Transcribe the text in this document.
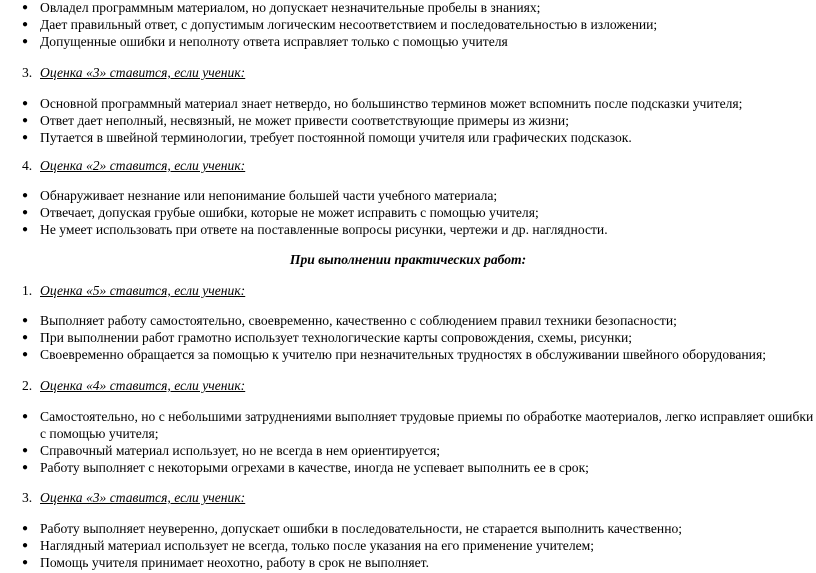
● Овладел программным материалом, но допускает незначительные пробелы в знаниях;
● Дает правильный ответ, с допустимым логическим несоответствием и последовательностью в изложении;
● Допущенные ошибки и неполноту ответа исправляет только с помощью учителя
3. Оценка «3» ставится, если ученик:
● Основной программный материал знает нетвердо, но большинство терминов может вспомнить после подсказки учителя;
● Ответ дает неполный, несвязный, не может привести соответствующие примеры из жизни;
● Путается в швейной терминологии, требует постоянной помощи учителя или графических подсказок.
4. Оценка «2» ставится, если ученик:
● Обнаруживает незнание или непонимание большей части учебного материала;
● Отвечает, допуская грубые ошибки, которые не может исправить с помощью учителя;
● Не умеет использовать при ответе на поставленные вопросы рисунки, чертежи и др. наглядности.
При выполнении практических работ:
1. Оценка «5» ставится, если ученик:
● Выполняет работу самостоятельно, своевременно, качественно с соблюдением правил техники безопасности;
● При выполнении работ грамотно использует технологические карты сопровождения, схемы, рисунки;
● Своевременно обращается за помощью к учителю при незначительных трудностях в обслуживании швейного оборудования;
2. Оценка «4» ставится, если ученик:
● Самостоятельно, но с небольшими затруднениями выполняет трудовые приемы по обработке маотериалов, легко исправляет ошибки
с помощью учителя;
● Справочный материал использует, но не всегда в нем ориентируется;
● Работу выполняет с некоторыми огрехами в качестве, иногда не успевает выполнить ее в срок;
3. Оценка «3» ставится, если ученик:
● Работу выполняет неуверенно, допускает ошибки в последовательности, не старается выполнить качественно;
● Наглядный материал использует не всегда, только после указания на его применение учителем;
● Помощь учителя принимает неохотно, работу в срок не выполняет.
